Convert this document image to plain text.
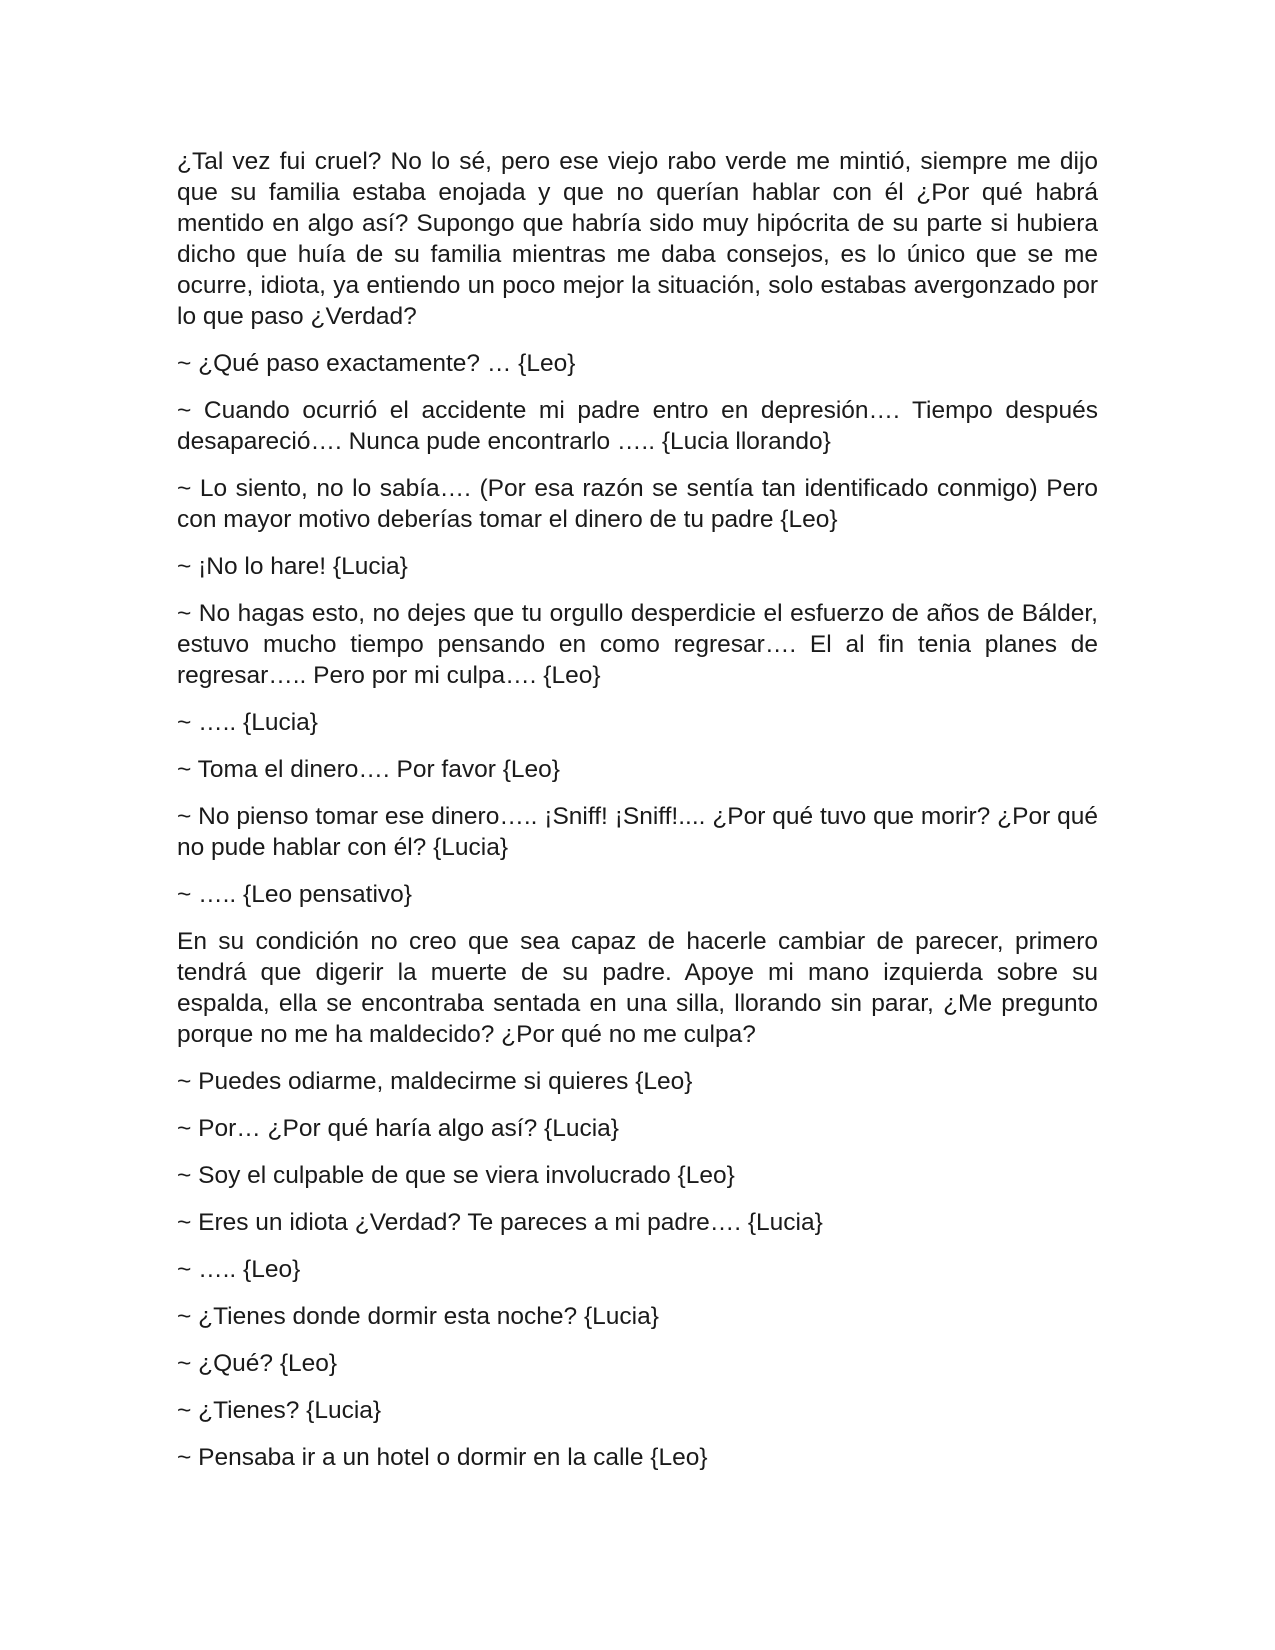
¿Tal vez fui cruel? No lo sé, pero ese viejo rabo verde me mintió, siempre me dijo que su familia estaba enojada y que no querían hablar con él ¿Por qué habrá mentido en algo así? Supongo que habría sido muy hipócrita de su parte si hubiera dicho que huía de su familia mientras me daba consejos, es lo único que se me ocurre, idiota, ya entiendo un poco mejor la situación, solo estabas avergonzado por lo que paso ¿Verdad?

~ ¿Qué paso exactamente? … {Leo}

~ Cuando ocurrió el accidente mi padre entro en depresión…. Tiempo después desapareció…. Nunca pude encontrarlo ….. {Lucia llorando}

~ Lo siento, no lo sabía…. (Por esa razón se sentía tan identificado conmigo) Pero con mayor motivo deberías tomar el dinero de tu padre {Leo}

~ ¡No lo hare! {Lucia}

~ No hagas esto, no dejes que tu orgullo desperdicie el esfuerzo de años de Bálder, estuvo mucho tiempo pensando en como regresar…. El al fin tenia planes de regresar….. Pero por mi culpa…. {Leo}

~ ….. {Lucia}

~ Toma el dinero…. Por favor {Leo}

~ No pienso tomar ese dinero….. ¡Sniff! ¡Sniff!.... ¿Por qué tuvo que morir? ¿Por qué no pude hablar con él? {Lucia}

~ ….. {Leo pensativo}

En su condición no creo que sea capaz de hacerle cambiar de parecer, primero tendrá que digerir la muerte de su padre. Apoye mi mano izquierda sobre su espalda, ella se encontraba sentada en una silla, llorando sin parar, ¿Me pregunto porque no me ha maldecido? ¿Por qué no me culpa?

~ Puedes odiarme, maldecirme si quieres {Leo}

~ Por… ¿Por qué haría algo así? {Lucia}

~ Soy el culpable de que se viera involucrado {Leo}

~ Eres un idiota ¿Verdad? Te pareces a mi padre…. {Lucia}

~ ….. {Leo}

~ ¿Tienes donde dormir esta noche? {Lucia}

~ ¿Qué? {Leo}

~ ¿Tienes? {Lucia}

~ Pensaba ir a un hotel o dormir en la calle {Leo}
